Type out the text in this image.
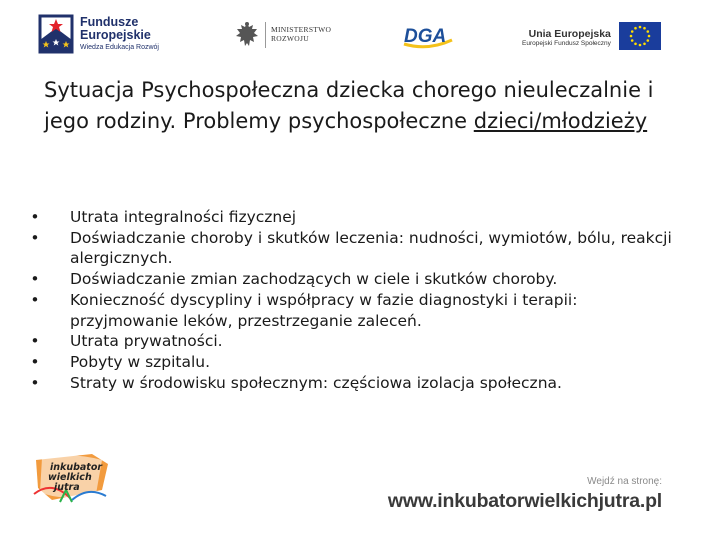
Fundusze
Europejskie
Wiedza Edukacja Rozwój
MINISTERSTWO
ROZWOJU	DGA	Unia Europejska
Europejski Fundusz Społeczny
Sytuacja Psychospołeczna dziecka chorego nieuleczalnie i jego rodziny. Problemy psychospołeczne dzieci/młodzieży
• Utrata integralności fizycznej
• Doświadczanie choroby i skutków leczenia: nudności, wymiotów, bólu, reakcji alergicznych.
• Doświadczanie zmian zachodzących w ciele i skutków choroby.
• Konieczność dyscypliny i współpracy w fazie diagnostyki i terapii: przyjmowanie leków, przestrzeganie zaleceń.
• Utrata prywatności.
• Pobyty w szpitalu.
• Straty w środowisku społecznym: częściowa izolacja społeczna.
inkubator
wielkich
jutra

Wejdź na stronę:

www.inkubatorwielkichjutra.pl
